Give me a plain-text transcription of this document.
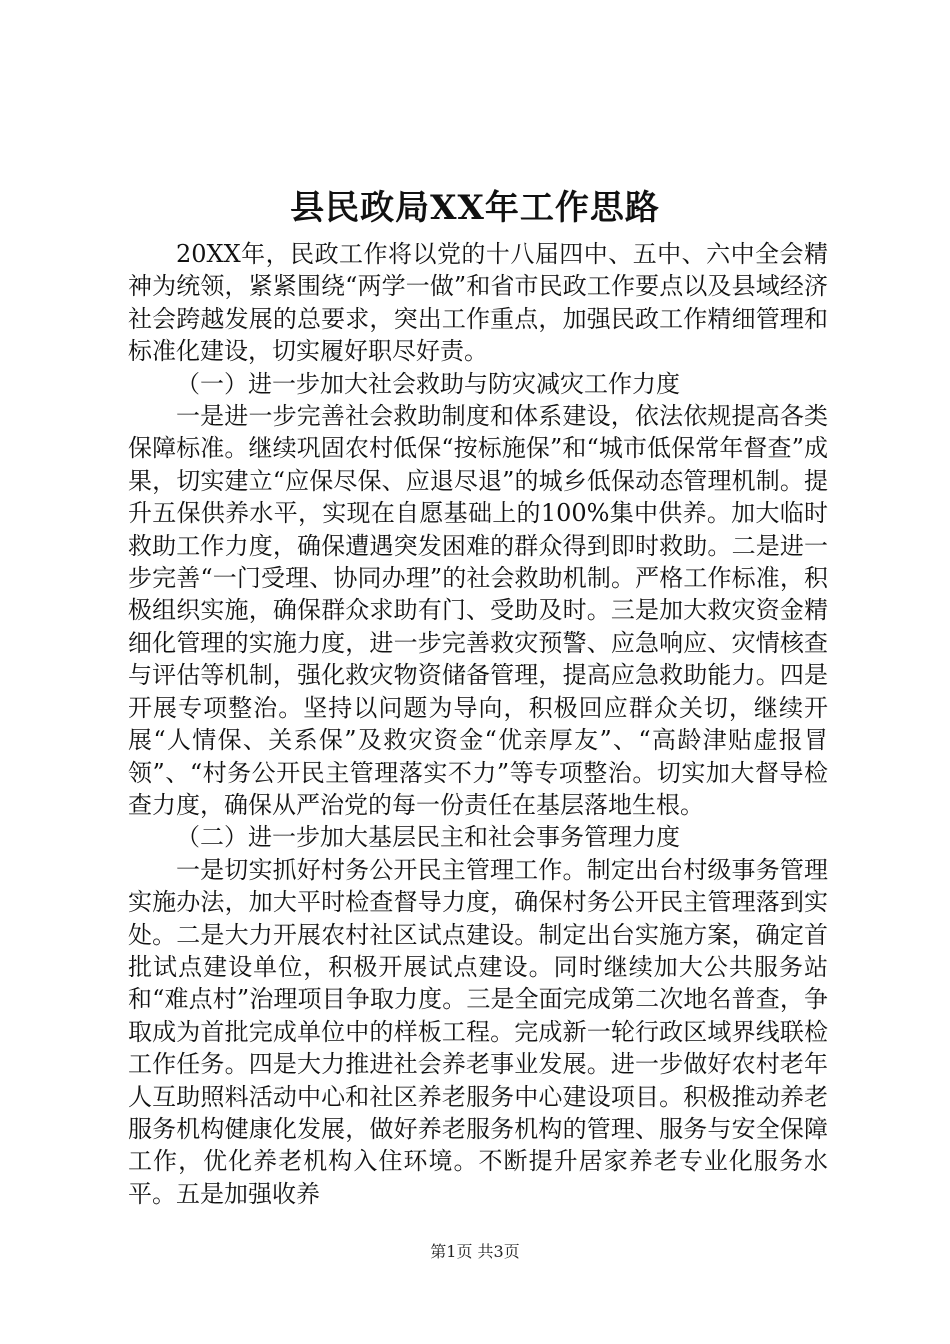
县民政局XX年工作思路

20XX年，民政工作将以党的十八届四中、五中、六中全会精神为统领，紧紧围绕“两学一做”和省市民政工作要点以及县域经济社会跨越发展的总要求，突出工作重点，加强民政工作精细管理和标准化建设，切实履好职尽好责。

（一）进一步加大社会救助与防灾减灾工作力度

一是进一步完善社会救助制度和体系建设，依法依规提高各类保障标准。继续巩固农村低保“按标施保”和“城市低保常年督查”成果，切实建立“应保尽保、应退尽退”的城乡低保动态管理机制。提升五保供养水平，实现在自愿基础上的100%集中供养。加大临时救助工作力度，确保遭遇突发困难的群众得到即时救助。二是进一步完善“一门受理、协同办理”的社会救助机制。严格工作标准，积极组织实施，确保群众求助有门、受助及时。三是加大救灾资金精细化管理的实施力度，进一步完善救灾预警、应急响应、灾情核查与评估等机制，强化救灾物资储备管理，提高应急救助能力。四是开展专项整治。坚持以问题为导向，积极回应群众关切，继续开展“人情保、关系保”及救灾资金“优亲厚友”、“高龄津贴虚报冒领”、“村务公开民主管理落实不力”等专项整治。切实加大督导检查力度，确保从严治党的每一份责任在基层落地生根。

（二）进一步加大基层民主和社会事务管理力度

一是切实抓好村务公开民主管理工作。制定出台村级事务管理实施办法，加大平时检查督导力度，确保村务公开民主管理落到实处。二是大力开展农村社区试点建设。制定出台实施方案，确定首批试点建设单位，积极开展试点建设。同时继续加大公共服务站和“难点村”治理项目争取力度。三是全面完成第二次地名普查，争取成为首批完成单位中的样板工程。完成新一轮行政区域界线联检工作任务。四是大力推进社会养老事业发展。进一步做好农村老年人互助照料活动中心和社区养老服务中心建设项目。积极推动养老服务机构健康化发展，做好养老服务机构的管理、服务与安全保障工作，优化养老机构入住环境。不断提升居家养老专业化服务水平。五是加强收养

第1页 共3页
